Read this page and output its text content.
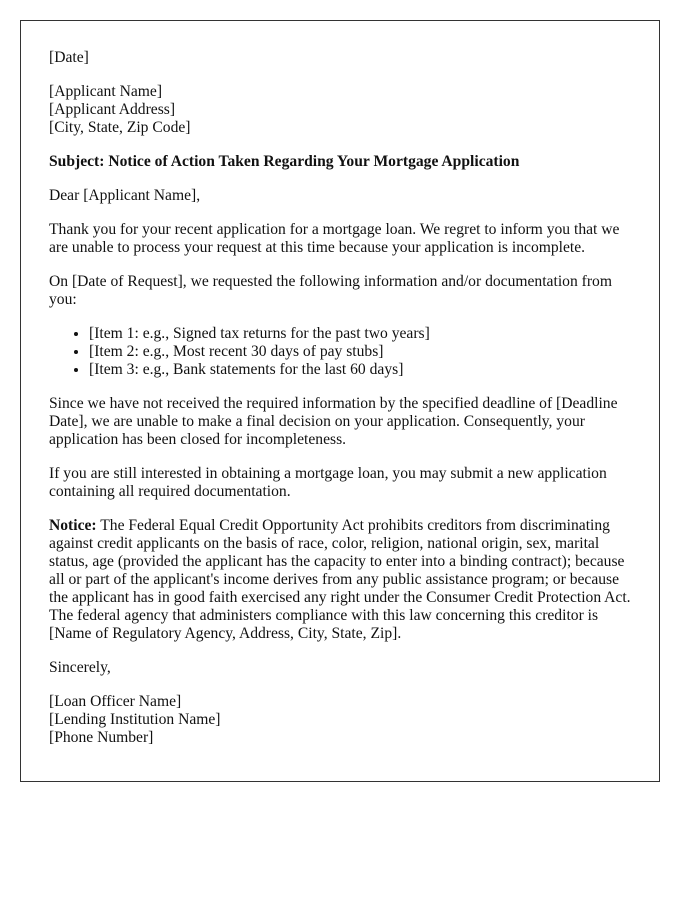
[Date]

[Applicant Name]
[Applicant Address]
[City, State, Zip Code]

Subject: Notice of Action Taken Regarding Your Mortgage Application

Dear [Applicant Name],

Thank you for your recent application for a mortgage loan. We regret to inform you that we are unable to process your request at this time because your application is incomplete.

On [Date of Request], we requested the following information and/or documentation from you:

• [Item 1: e.g., Signed tax returns for the past two years]
• [Item 2: e.g., Most recent 30 days of pay stubs]
• [Item 3: e.g., Bank statements for the last 60 days]

Since we have not received the required information by the specified deadline of [Deadline Date], we are unable to make a final decision on your application. Consequently, your application has been closed for incompleteness.

If you are still interested in obtaining a mortgage loan, you may submit a new application containing all required documentation.

Notice: The Federal Equal Credit Opportunity Act prohibits creditors from discriminating against credit applicants on the basis of race, color, religion, national origin, sex, marital status, age (provided the applicant has the capacity to enter into a binding contract); because all or part of the applicant's income derives from any public assistance program; or because the applicant has in good faith exercised any right under the Consumer Credit Protection Act. The federal agency that administers compliance with this law concerning this creditor is [Name of Regulatory Agency, Address, City, State, Zip].

Sincerely,

[Loan Officer Name]
[Lending Institution Name]
[Phone Number]
